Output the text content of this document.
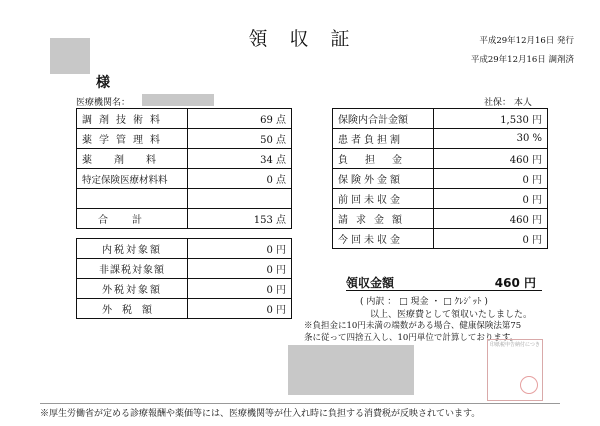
領収証	平成29年12月16日 発行
平成29年12月16日 調剤済
様
医療機関名：	社保： 本人
調剤技術料	69 点
薬学管理料	50 点
薬剤料	34 点
特定保険医療材料料	0 点

合計	153 点
内税対象額	0 円
非課税対象額	0 円
外税対象額	0 円
外税額	0 円
保険内合計金額	1,530 円
患者負担割	30 %
負担金	460 円
保険外金額	0 円
前回未収金	0 円
請求金額	460 円
今回未収金	0 円
領収金額	460 円
( 内訳 ： □ 現金 ・ □ ｸﾚｼﾞｯﾄ )
以上、医療費として領収いたしました。
※負担金に10円未満の端数がある場合、健康保険法第75
条に従って四捨五入し、10円単位で計算しております。
印紙税申告納付につき
※厚生労働省が定める診療報酬や薬価等には、医療機関等が仕入れ時に負担する消費税が反映されています。
